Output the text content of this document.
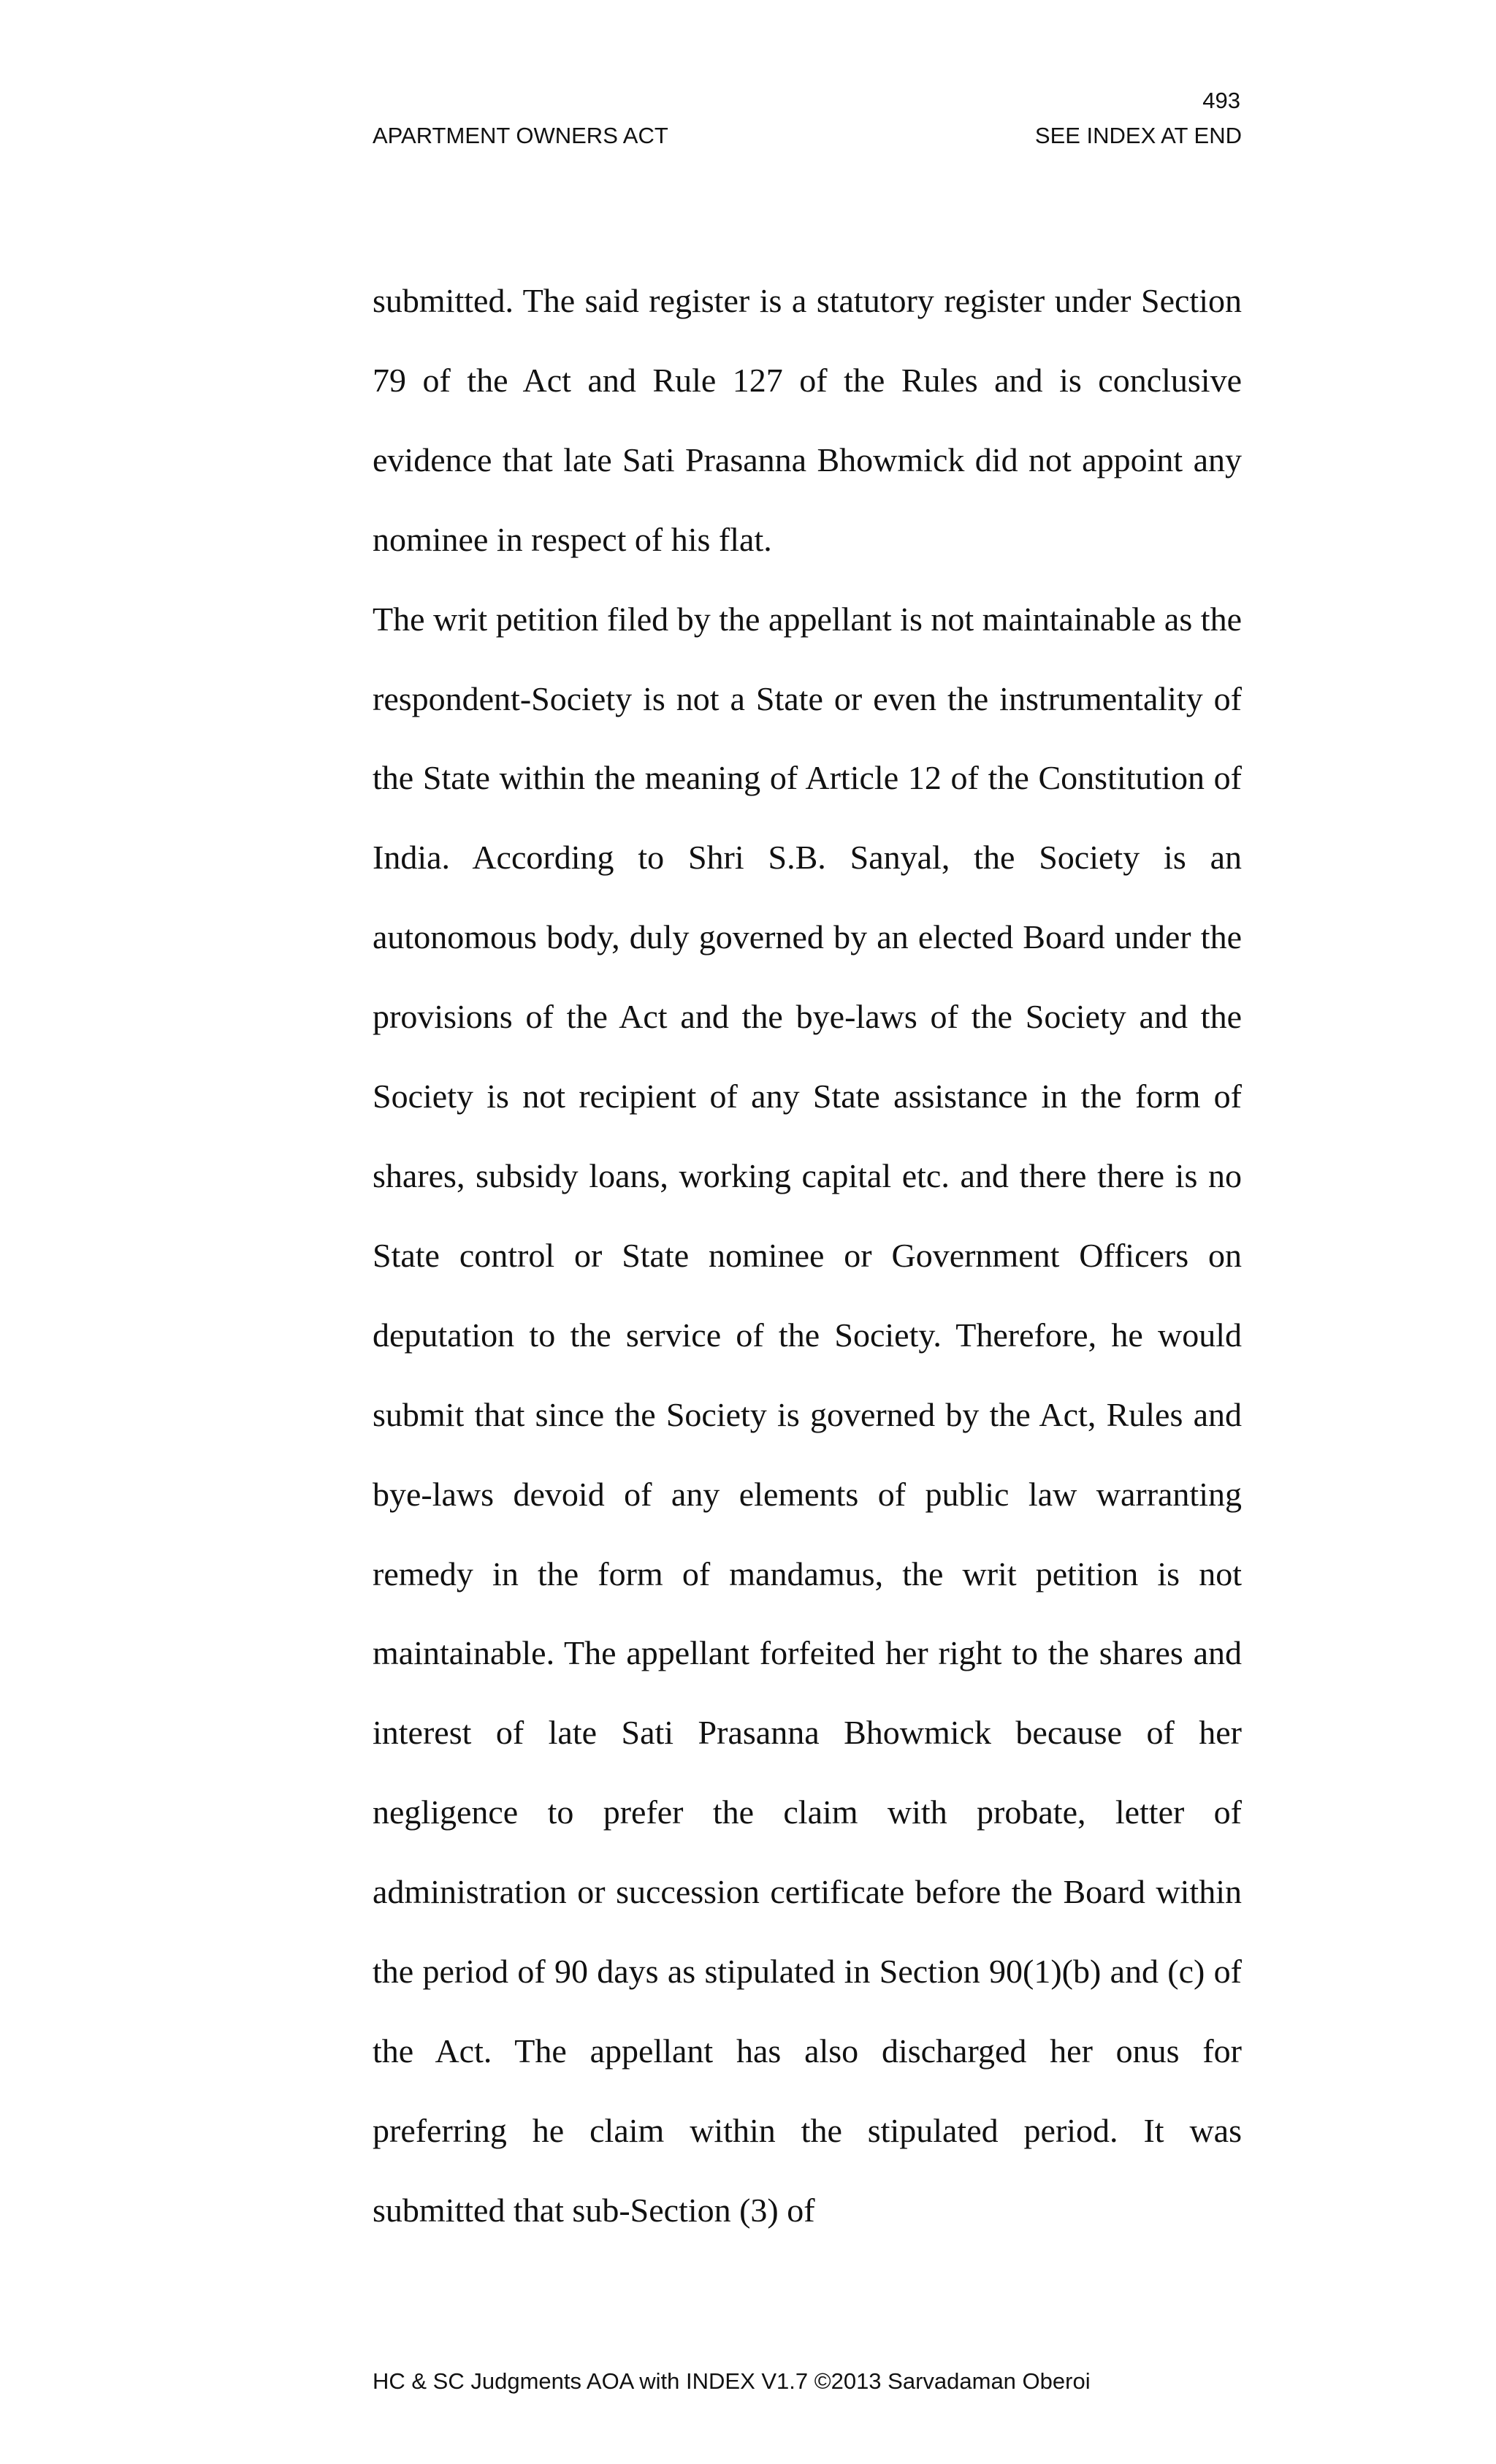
493
APARTMENT OWNERS ACT	SEE INDEX AT END

submitted. The said register is a statutory register under Section 79 of the Act and Rule 127 of the Rules and is conclusive evidence that late Sati Prasanna Bhowmick did not appoint any nominee in respect of his flat.

The writ petition filed by the appellant is not maintainable as the respondent-Society is not a State or even the instrumentality of the State within the meaning of Article 12 of the Constitution of India. According to Shri S.B. Sanyal, the Society is an autonomous body, duly governed by an elected Board under the provisions of the Act and the bye-laws of the Society and the Society is not recipient of any State assistance in the form of shares, subsidy loans, working capital etc. and there there is no State control or State nominee or Government Officers on deputation to the service of the Society. Therefore, he would submit that since the Society is governed by the Act, Rules and bye-laws devoid of any elements of public law warranting remedy in the form of mandamus, the writ petition is not maintainable. The appellant forfeited her right to the shares and interest of late Sati Prasanna Bhowmick because of her negligence to prefer the claim with probate, letter of administration or succession certificate before the Board within the period of 90 days as stipulated in Section 90(1)(b) and (c) of the Act. The appellant has also discharged her onus for preferring he claim within the stipulated period. It was submitted that sub-Section (3) of

HC & SC Judgments AOA with INDEX V1.7 ©2013 Sarvadaman Oberoi
